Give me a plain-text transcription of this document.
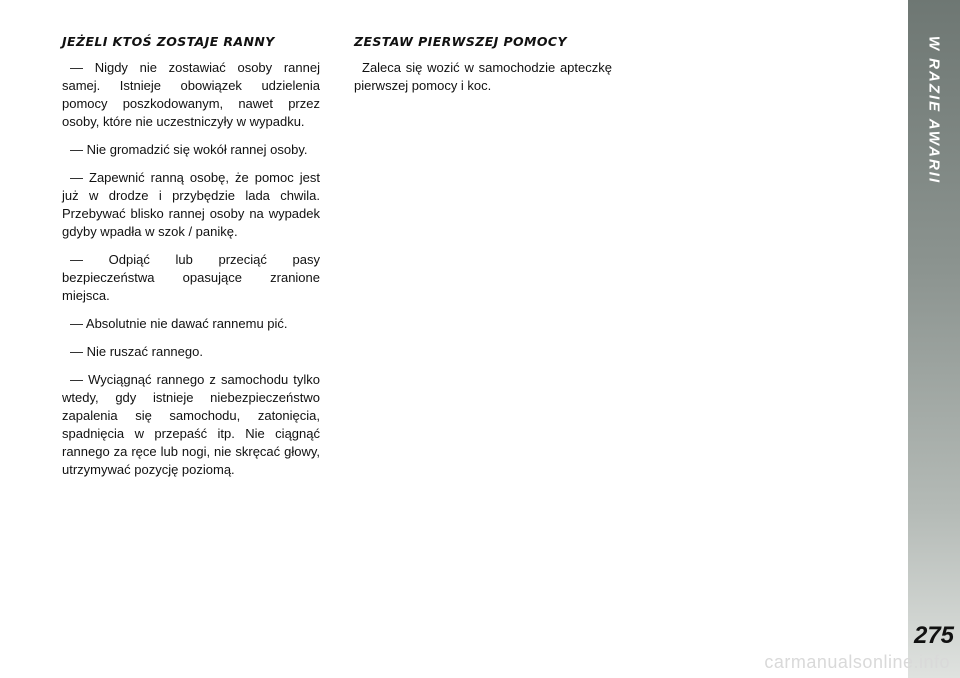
W RAZIE AWARII
275
JEŻELI KTOŚ ZOSTAJE RANNY

— Nigdy nie zostawiać osoby rannej samej. Istnieje obowiązek udzielenia pomocy poszkodowanym, nawet przez osoby, które nie uczestniczyły w wypadku.

— Nie gromadzić się wokół rannej osoby.

— Zapewnić ranną osobę, że pomoc jest już w drodze i przybędzie lada chwila. Przebywać blisko rannej osoby na wypadek gdyby wpadła w szok / panikę.

— Odpiąć lub przeciąć pasy bezpieczeństwa opasujące zranione miejsca.

— Absolutnie nie dawać rannemu pić.

— Nie ruszać rannego.

— Wyciągnąć rannego z samochodu tylko wtedy, gdy istnieje niebezpieczeństwo zapalenia się samochodu, zatonięcia, spadnięcia w przepaść itp. Nie ciągnąć rannego za ręce lub nogi, nie skręcać głowy, utrzymywać pozycję poziomą.

ZESTAW PIERWSZEJ POMOCY

Zaleca się wozić w samochodzie apteczkę pierwszej pomocy i koc.

carmanualsonline.info
